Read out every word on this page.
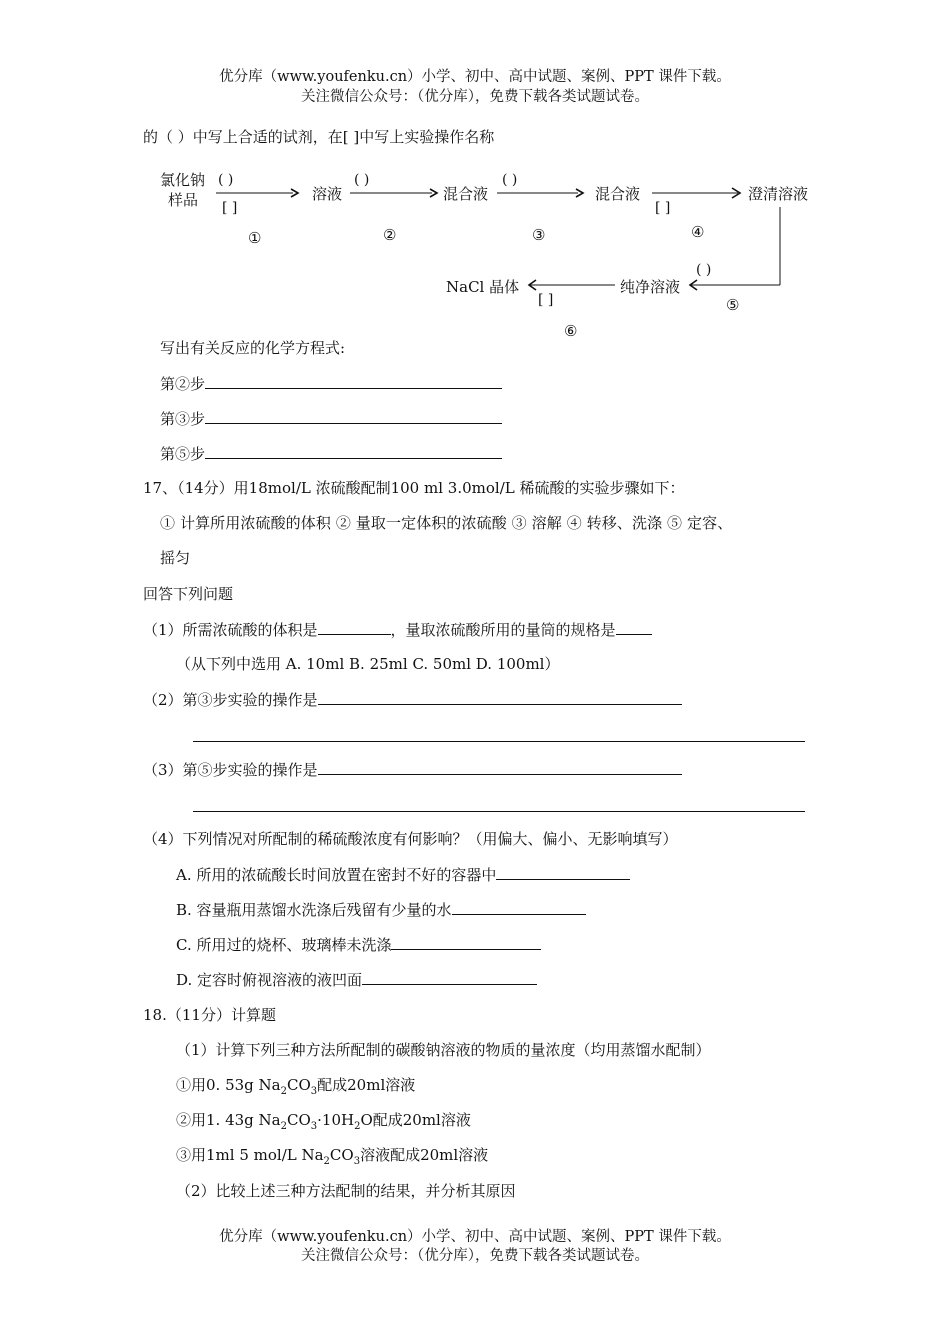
优分库（www.youfenku.cn）小学、初中、高中试题、案例、PPT 课件下载。
关注微信公众号：（优分库），免费下载各类试题试卷。
的（ ）中写上合适的试剂，在[ ]中写上实验操作名称
氯化钠
样品
( )
[ ]
①
溶液
( )
②
混合液
( )
③
混合液
[ ]
④
澄清溶液
( )
⑤
纯净溶液
[ ]
⑥
NaCl 晶体
写出有关反应的化学方程式:
第②步
第③步
第⑤步
17、（14分）用18mol/L 浓硫酸配制100 ml 3.0mol/L 稀硫酸的实验步骤如下：
① 计算所用浓硫酸的体积 ② 量取一定体积的浓硫酸 ③ 溶解 ④ 转移、洗涤 ⑤ 定容、
摇匀
回答下列问题
（1）所需浓硫酸的体积是	，量取浓硫酸所用的量筒的规格是
（从下列中选用 A. 10ml B. 25ml C. 50ml D. 100ml）
（2）第③步实验的操作是
（3）第⑤步实验的操作是
（4）下列情况对所配制的稀硫酸浓度有何影响？（用偏大、偏小、无影响填写）
A. 所用的浓硫酸长时间放置在密封不好的容器中
B. 容量瓶用蒸馏水洗涤后残留有少量的水
C. 所用过的烧杯、玻璃棒未洗涤
D. 定容时俯视溶液的液凹面
18.（11分）计算题
（1）计算下列三种方法所配制的碳酸钠溶液的物质的量浓度（均用蒸馏水配制）
①用0. 53g $Na_2CO_3$配成20ml溶液
②用1. 43g $Na_2CO_3\cdot 10H_2O$配成20ml溶液
③用1ml 5 mol/L $Na_2CO_3$溶液配成20ml溶液
（2）比较上述三种方法配制的结果，并分析其原因
优分库（www.youfenku.cn）小学、初中、高中试题、案例、PPT 课件下载。
关注微信公众号：（优分库），免费下载各类试题试卷。
